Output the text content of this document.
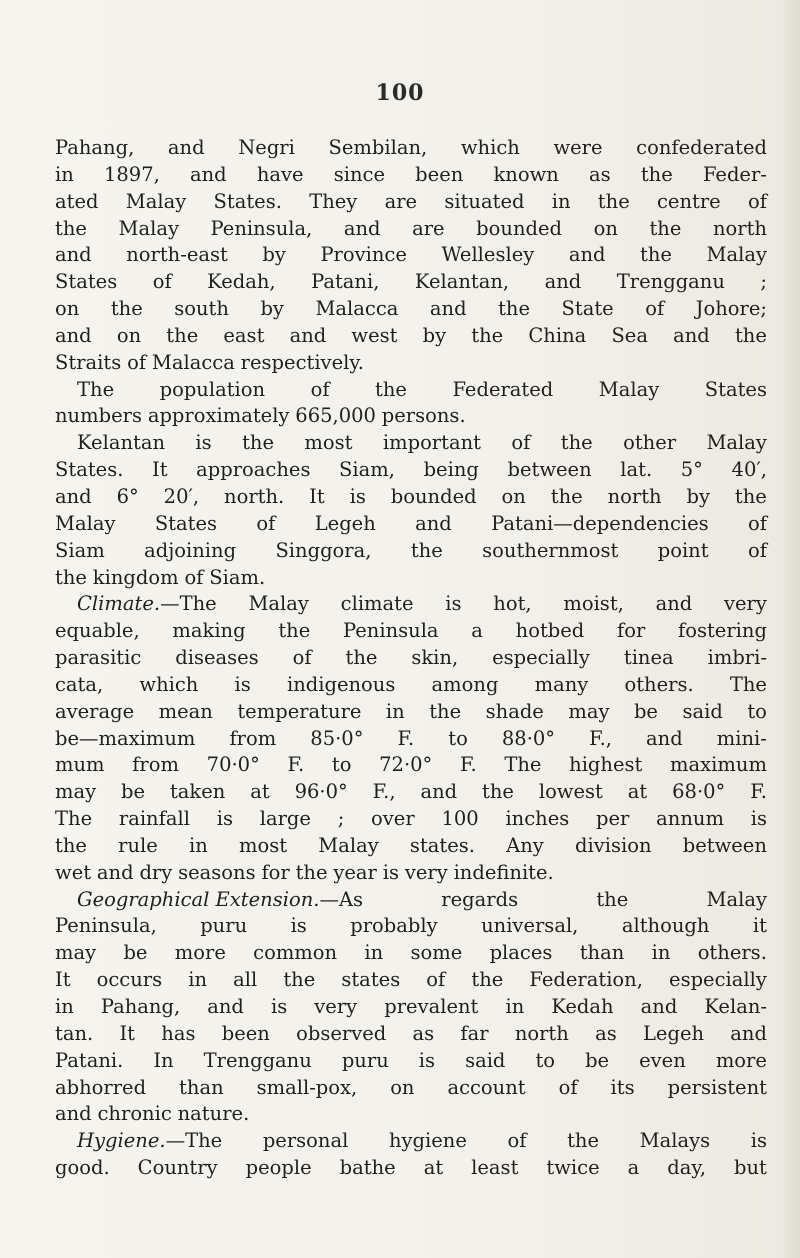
100
Pahang, and Negri Sembilan, which were confederated
in 1897, and have since been known as the Feder-
ated Malay States. They are situated in the centre of
the Malay Peninsula, and are bounded on the north
and north-east by Province Wellesley and the Malay
States of Kedah, Patani, Kelantan, and Trengganu ;
on the south by Malacca and the State of Johore;
and on the east and west by the China Sea and the
Straits of Malacca respectively.
The population of the Federated Malay States
numbers approximately 665,000 persons.
Kelantan is the most important of the other Malay
States. It approaches Siam, being between lat. 5° 40′,
and 6° 20′, north. It is bounded on the north by the
Malay States of Legeh and Patani—dependencies of
Siam adjoining Singgora, the southernmost point of
the kingdom of Siam.
Climate.—The Malay climate is hot, moist, and very
equable, making the Peninsula a hotbed for fostering
parasitic diseases of the skin, especially tinea imbri-
cata, which is indigenous among many others. The
average mean temperature in the shade may be said to
be—maximum from 85·0° F. to 88·0° F., and mini-
mum from 70·0° F. to 72·0° F. The highest maximum
may be taken at 96·0° F., and the lowest at 68·0° F.
The rainfall is large ; over 100 inches per annum is
the rule in most Malay states. Any division between
wet and dry seasons for the year is very indefinite.
Geographical Extension.—As	regards	the	Malay
Peninsula, puru is probably universal, although it
may be more common in some places than in others.
It occurs in all the states of the Federation, especially
in Pahang, and is very prevalent in Kedah and Kelan-
tan. It has been observed as far north as Legeh and
Patani. In Trengganu puru is said to be even more
abhorred than small-pox, on account of its persistent
and chronic nature.
Hygiene.—The personal hygiene of the Malays is
good. Country people bathe at least twice a day, but
